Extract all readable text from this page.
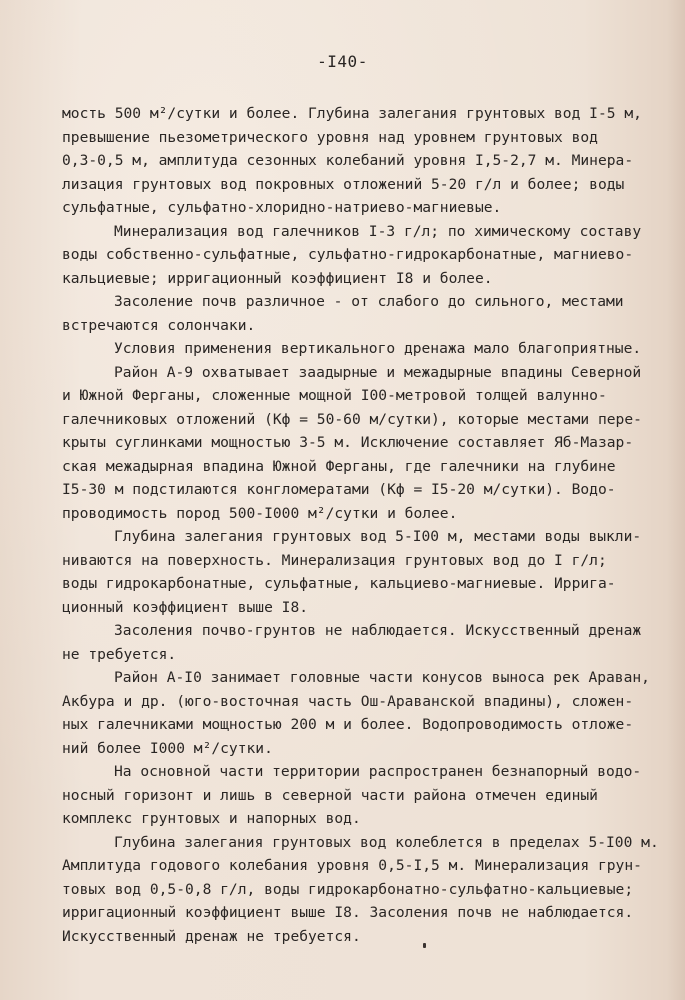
-I40-
мость 500 м²/сутки и более. Глубина залегания грунтовых вод I-5 м,
превышение пьезометрического уровня над уровнем грунтовых вод
0,3-0,5 м, амплитуда сезонных колебаний уровня I,5-2,7 м. Минера-
лизация грунтовых вод покровных отложений 5-20 г/л и более; воды
сульфатные, сульфатно-хлоридно-натриево-магниевые.
Минерализация вод галечников I-3 г/л; по химическому составу
воды собственно-сульфатные, сульфатно-гидрокарбонатные, магниево-
кальциевые; ирригационный коэффициент I8 и более.
Засоление почв различное - от слабого до сильного, местами
встречаются солончаки.
Условия применения вертикального дренажа мало благоприятные.
Район А-9 охватывает заадырные и межадырные впадины Северной
и Южной Ферганы, сложенные мощной I00-метровой толщей валунно-
галечниковых отложений (Кф = 50-60 м/сутки), которые местами пере-
крыты суглинками мощностью 3-5 м. Исключение составляет Яб-Мазар-
ская межадырная впадина Южной Ферганы, где галечники на глубине
I5-30 м подстилаются конгломератами (Кф = I5-20 м/сутки). Водо-
проводимость пород 500-I000 м²/сутки и более.
Глубина залегания грунтовых вод 5-I00 м, местами воды выкли-
ниваются на поверхность. Минерализация грунтовых вод до I г/л;
воды гидрокарбонатные, сульфатные, кальциево-магниевые. Ирригa-
ционный коэффициент выше I8.
Засоления почво-грунтов не наблюдается. Искусственный дренаж
не требуется.
Район А-I0 занимает головные части конусов выноса рек Араван,
Акбура и др. (юго-восточная часть Ош-Араванской впадины), сложен-
ных галечниками мощностью 200 м и более. Водопроводимость отложе-
ний более I000 м²/сутки.
На основной части территории распространен безнапорный водо-
носный горизонт и лишь в северной части района отмечен единый
комплекс грунтовых и напорных вод.
Глубина залегания грунтовых вод колеблется в пределах 5-I00 м.
Амплитуда годового колебания уровня 0,5-I,5 м. Минерализация грун-
товых вод 0,5-0,8 г/л, воды гидрокарбонатно-сульфатно-кальциевые;
ирригационный коэффициент выше I8. Засоления почв не наблюдается.
Искусственный дренаж не требуется.
